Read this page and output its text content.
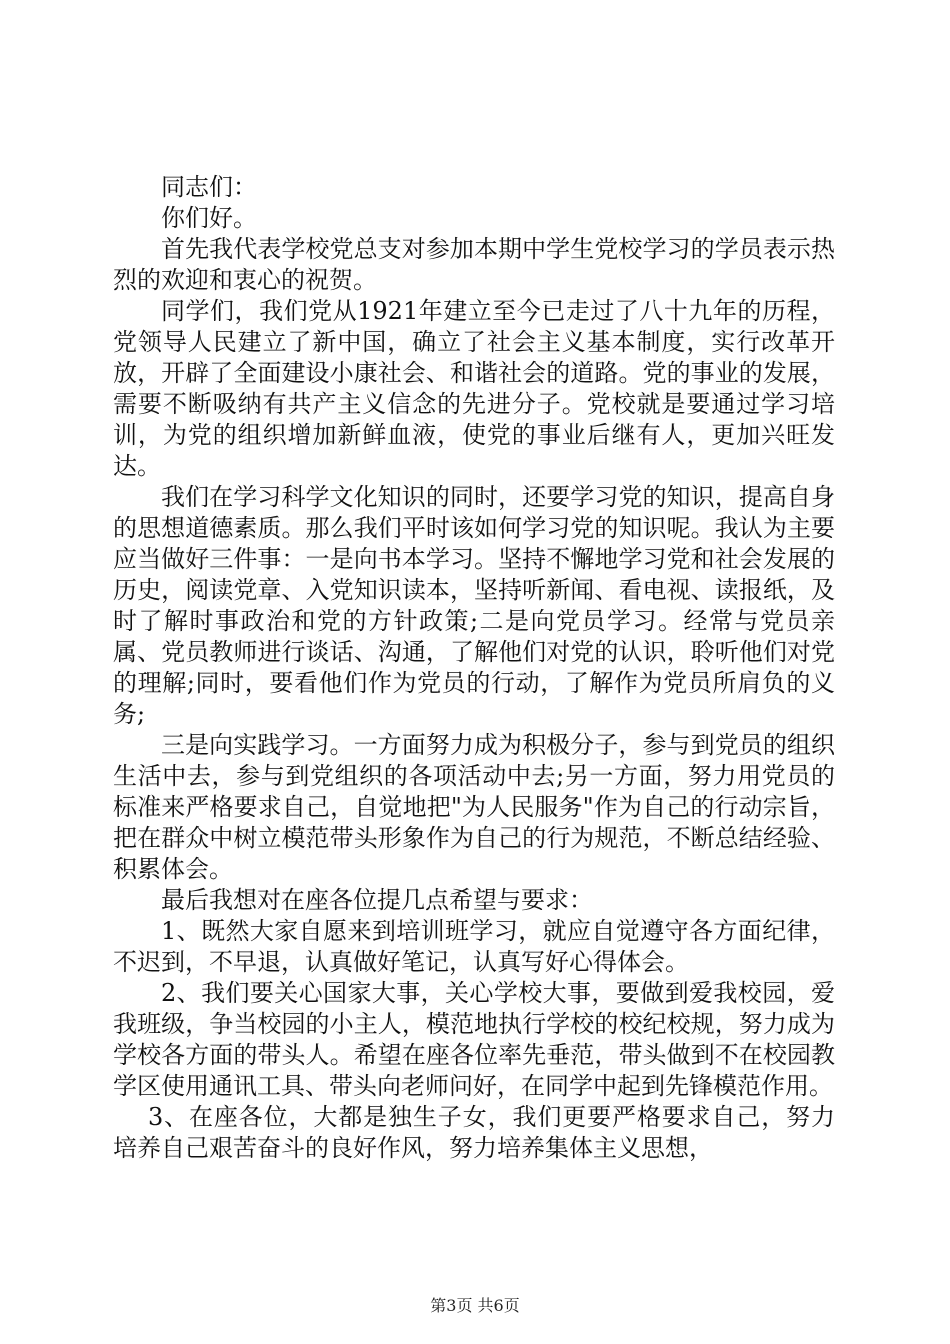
同志们：

你们好。

首先我代表学校党总支对参加本期中学生党校学习的学员表示热烈的欢迎和衷心的祝贺。

同学们，我们党从1921年建立至今已走过了八十九年的历程，党领导人民建立了新中国，确立了社会主义基本制度，实行改革开放，开辟了全面建设小康社会、和谐社会的道路。党的事业的发展，需要不断吸纳有共产主义信念的先进分子。党校就是要通过学习培训，为党的组织增加新鲜血液，使党的事业后继有人，更加兴旺发达。

我们在学习科学文化知识的同时，还要学习党的知识，提高自身的思想道德素质。那么我们平时该如何学习党的知识呢。我认为主要应当做好三件事：一是向书本学习。坚持不懈地学习党和社会发展的历史，阅读党章、入党知识读本，坚持听新闻、看电视、读报纸，及时了解时事政治和党的方针政策;二是向党员学习。经常与党员亲属、党员教师进行谈话、沟通，了解他们对党的认识，聆听他们对党的理解;同时，要看他们作为党员的行动，了解作为党员所肩负的义务;

三是向实践学习。一方面努力成为积极分子，参与到党员的组织生活中去，参与到党组织的各项活动中去;另一方面，努力用党员的标准来严格要求自己，自觉地把"为人民服务"作为自己的行动宗旨，把在群众中树立模范带头形象作为自己的行为规范，不断总结经验、积累体会。

最后我想对在座各位提几点希望与要求：

1、既然大家自愿来到培训班学习，就应自觉遵守各方面纪律，不迟到，不早退，认真做好笔记，认真写好心得体会。

2、我们要关心国家大事，关心学校大事，要做到爱我校园，爱我班级，争当校园的小主人，模范地执行学校的校纪校规，努力成为学校各方面的带头人。希望在座各位率先垂范，带头做到不在校园教学区使用通讯工具、带头向老师问好，在同学中起到先锋模范作用。

3、在座各位，大都是独生子女，我们更要严格要求自己，努力培养自己艰苦奋斗的良好作风，努力培养集体主义思想，

第3页 共6页
